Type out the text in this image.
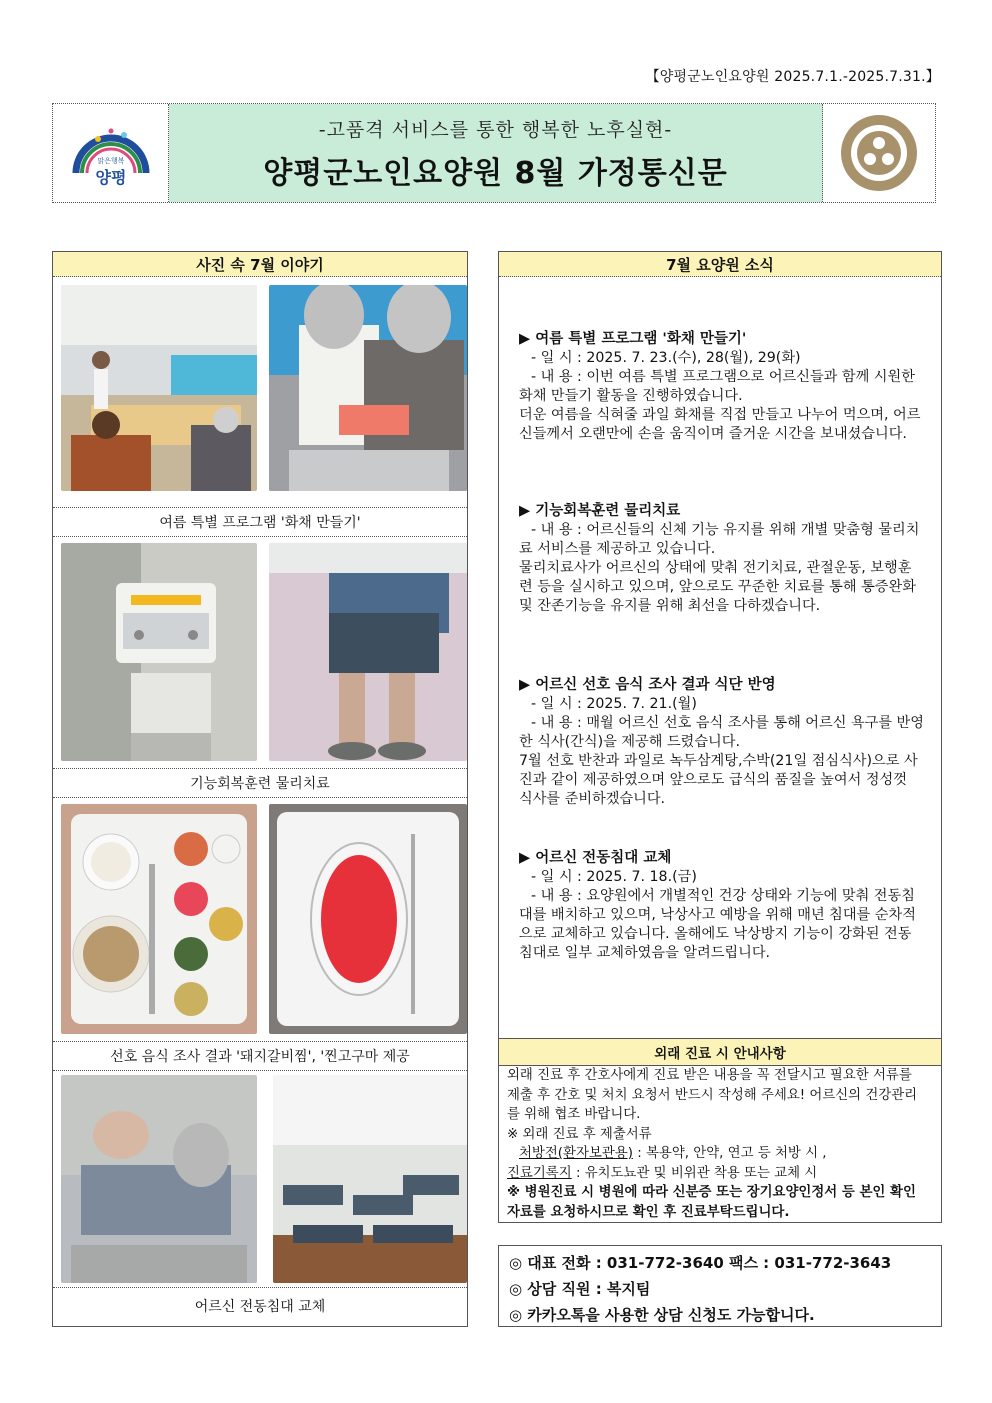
【양평군노인요양원 2025.7.1.-2025.7.31.】
맑은행복
양평
-고품격 서비스를 통한 행복한 노후실현-
양평군노인요양원 8월 가정통신문
사진 속 7월 이야기
여름 특별 프로그램 '화채 만들기'
기능회복훈련 물리치료
선호 음식 조사 결과 '돼지갈비찜', '찐고구마 제공
어르신 전동침대 교체
7월 요양원 소식

▶ 여름 특별 프로그램 '화채 만들기'

- 일 시 : 2025. 7. 23.(수), 28(월), 29(화)

- 내 용 : 이번 여름 특별 프로그램으로 어르신들과 함께 시원한 화채 만들기 활동을 진행하였습니다.

더운 여름을 식혀줄 과일 화채를 직접 만들고 나누어 먹으며, 어르신들께서 오랜만에 손을 움직이며 즐거운 시간을 보내셨습니다.

▶ 기능회복훈련 물리치료

- 내 용 : 어르신들의 신체 기능 유지를 위해 개별 맞춤형 물리치료 서비스를 제공하고 있습니다.

물리치료사가 어르신의 상태에 맞춰 전기치료, 관절운동, 보행훈련 등을 실시하고 있으며, 앞으로도 꾸준한 치료를 통해 통증완화 및 잔존기능을 유지를 위해 최선을 다하겠습니다.

▶ 어르신 선호 음식 조사 결과 식단 반영

- 일 시 : 2025. 7. 21.(월)

- 내 용 : 매월 어르신 선호 음식 조사를 통해 어르신 욕구를 반영한 식사(간식)을 제공해 드렸습니다.

7월 선호 반찬과 과일로 녹두삼계탕,수박(21일 점심식사)으로 사진과 같이 제공하였으며 앞으로도 급식의 품질을 높여서 정성껏 식사를 준비하겠습니다.

▶ 어르신 전동침대 교체

- 일 시 : 2025. 7. 18.(금)

- 내 용 : 요양원에서 개별적인 건강 상태와 기능에 맞춰 전동침대를 배치하고 있으며, 낙상사고 예방을 위해 매년 침대를 순차적으로 교체하고 있습니다. 올해에도 낙상방지 기능이 강화된 전동 침대로 일부 교체하였음을 알려드립니다.

외래 진료 시 안내사항
외래 진료 후 간호사에게 진료 받은 내용을 꼭 전달시고 필요한 서류를 제출 후 간호 및 처치 요청서 반드시 작성해 주세요! 어르신의 건강관리를 위해 협조 바랍니다.
※ 외래 진료 후 제출서류
처방전(환자보관용) : 복용약, 안약, 연고 등 처방 시 ,
진료기록지 : 유치도뇨관 및 비위관 착용 또는 교체 시
※ 병원진료 시 병원에 따라 신분증 또는 장기요양인정서 등 본인 확인 자료를 요청하시므로 확인 후 진료부탁드립니다.
◎ 대표 전화 : 031-772-3640 팩스 : 031-772-3643
◎ 상담 직원 : 복지팀
◎ 카카오톡을 사용한 상담 신청도 가능합니다.
